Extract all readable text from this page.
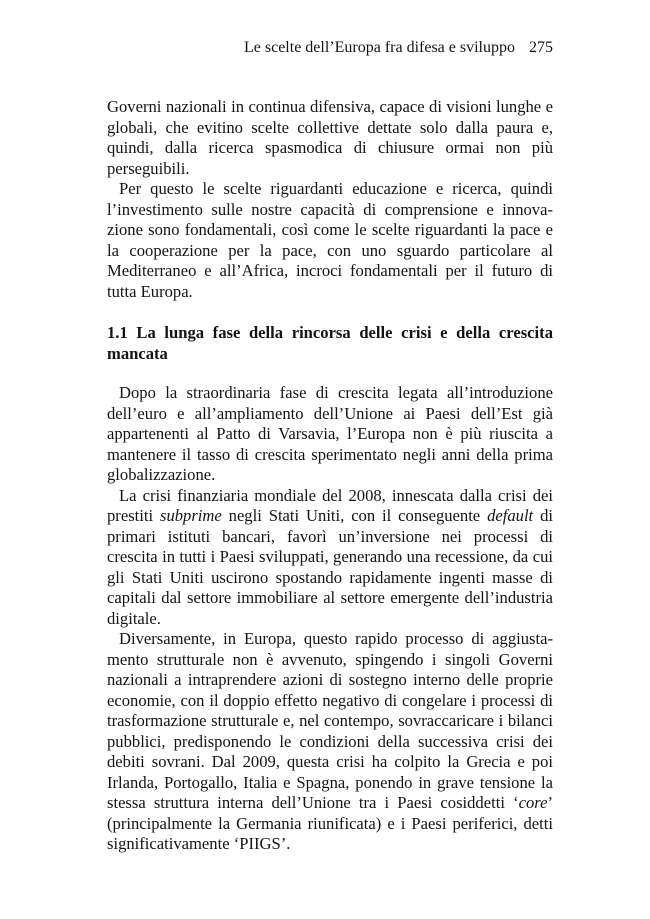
Le scelte dell’Europa fra difesa e sviluppo 275

Governi nazionali in continua difensiva, capace di visioni lunghe e globali, che evitino scelte collettive dettate solo dalla paura e, quindi, dalla ricerca spasmodica di chiusure ormai non più perseguibili.

Per questo le scelte riguardanti educazione e ricerca, quindi l’investimento sulle nostre capacità di comprensione e innova-zione sono fondamentali, così come le scelte riguardanti la pace e la cooperazione per la pace, con uno sguardo particolare al Mediterraneo e all’Africa, incroci fondamentali per il futuro di tutta Europa.

1.1 La lunga fase della rincorsa delle crisi e della crescita mancata

Dopo la straordinaria fase di crescita legata all’introduzione dell’euro e all’ampliamento dell’Unione ai Paesi dell’Est già appartenenti al Patto di Varsavia, l’Europa non è più riuscita a mantenere il tasso di crescita sperimentato negli anni della prima globalizzazione.

La crisi finanziaria mondiale del 2008, innescata dalla crisi dei prestiti subprime negli Stati Uniti, con il conseguente default di primari istituti bancari, favorì un’inversione nei processi di crescita in tutti i Paesi sviluppati, generando una recessione, da cui gli Stati Uniti uscirono spostando rapidamente ingenti masse di capitali dal settore immobiliare al settore emergente dell’industria digitale.

Diversamente, in Europa, questo rapido processo di aggiusta-mento strutturale non è avvenuto, spingendo i singoli Governi nazionali a intraprendere azioni di sostegno interno delle proprie economie, con il doppio effetto negativo di congelare i processi di trasformazione strutturale e, nel contempo, sovraccaricare i bilanci pubblici, predisponendo le condizioni della successiva crisi dei debiti sovrani. Dal 2009, questa crisi ha colpito la Grecia e poi Irlanda, Portogallo, Italia e Spagna, ponendo in grave tensione la stessa struttura interna dell’Unione tra i Paesi cosiddetti ‘core’ (principalmente la Germania riunificata) e i Paesi periferici, detti significativamente ‘PIIGS’.
